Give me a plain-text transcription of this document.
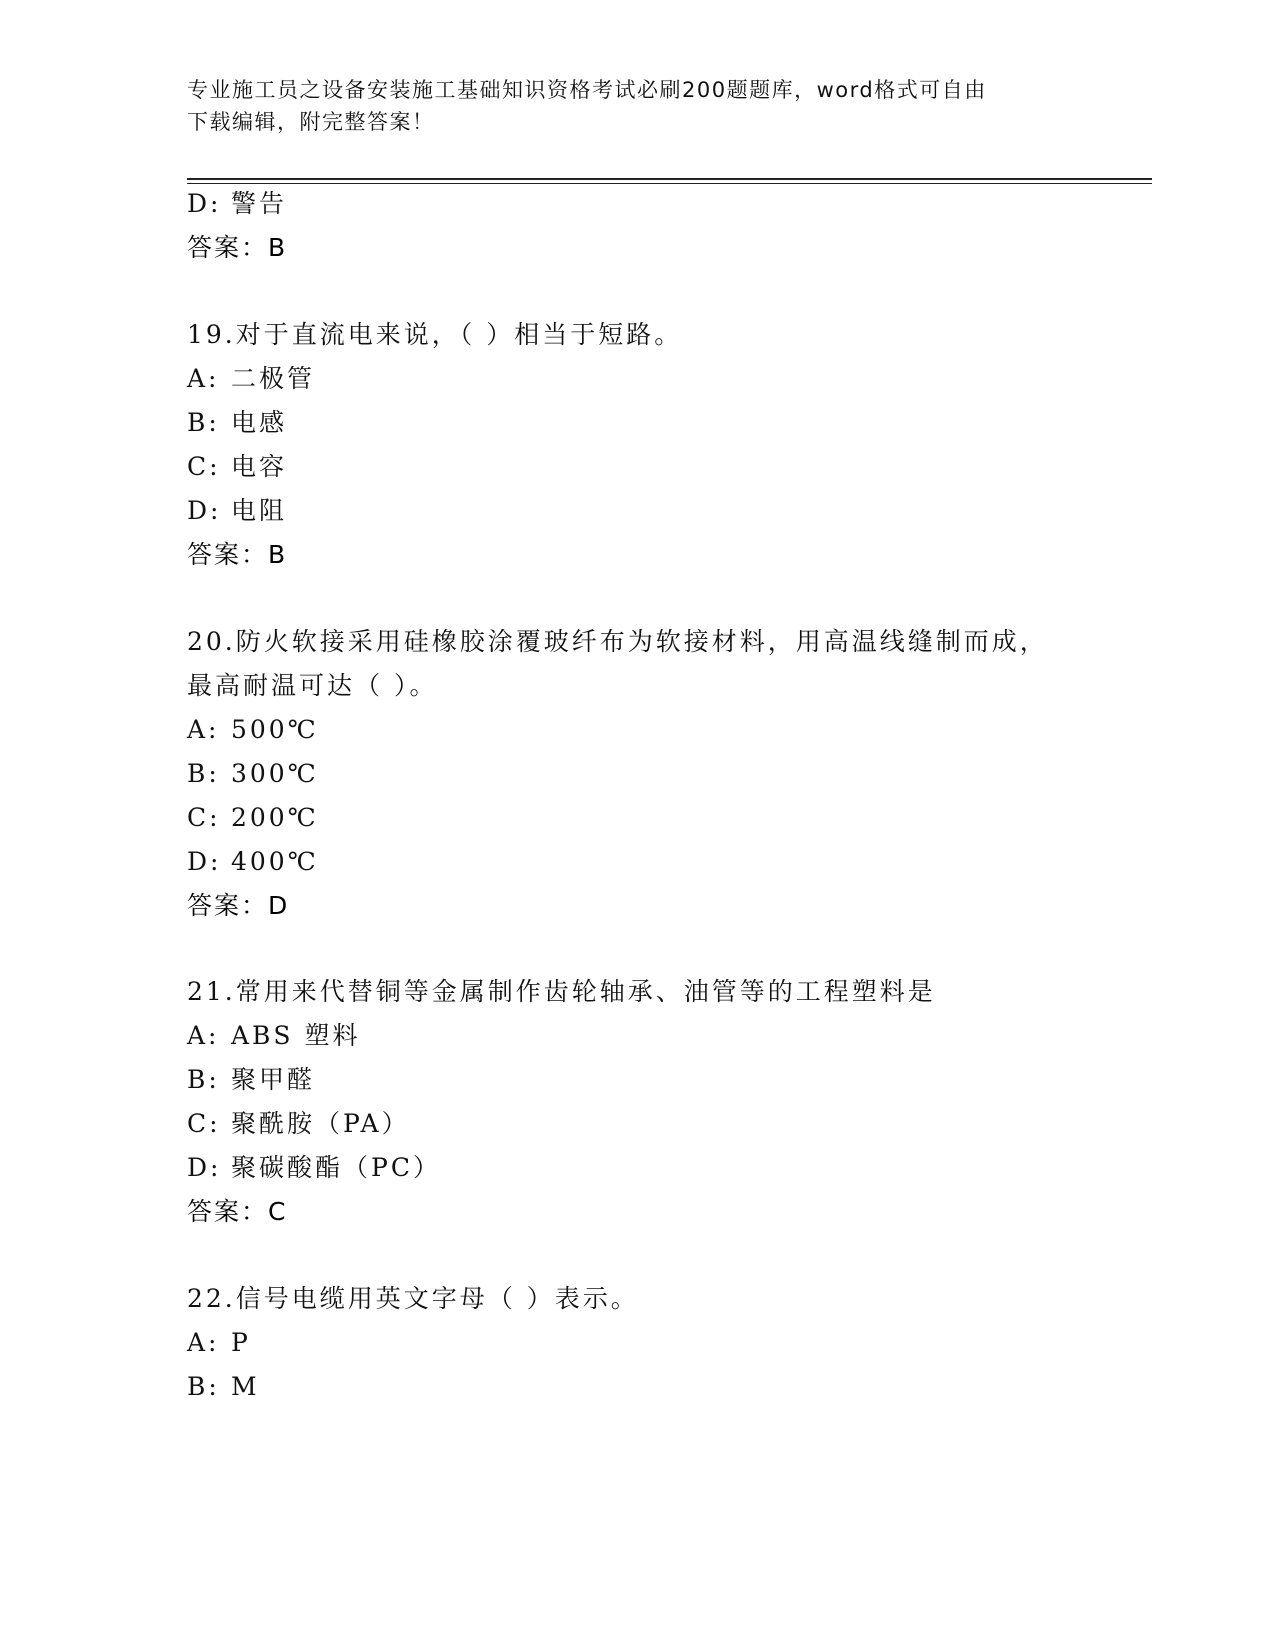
专业施工员之设备安装施工基础知识资格考试必刷200题题库，word格式可自由
下载编辑，附完整答案！
D: 警告
答案：B
19.对于直流电来说，（ ）相当于短路。
A: 二极管
B: 电感
C: 电容
D: 电阻
答案：B
20.防火软接采用硅橡胶涂覆玻纤布为软接材料，用高温线缝制而成，
最高耐温可达（ ）。
A: 500℃
B: 300℃
C: 200℃
D: 400℃
答案：D
21.常用来代替铜等金属制作齿轮轴承、油管等的工程塑料是
A: ABS 塑料
B: 聚甲醛
C: 聚酰胺（PA）
D: 聚碳酸酯（PC）
答案：C
22.信号电缆用英文字母（ ）表示。
A: P
B: M
